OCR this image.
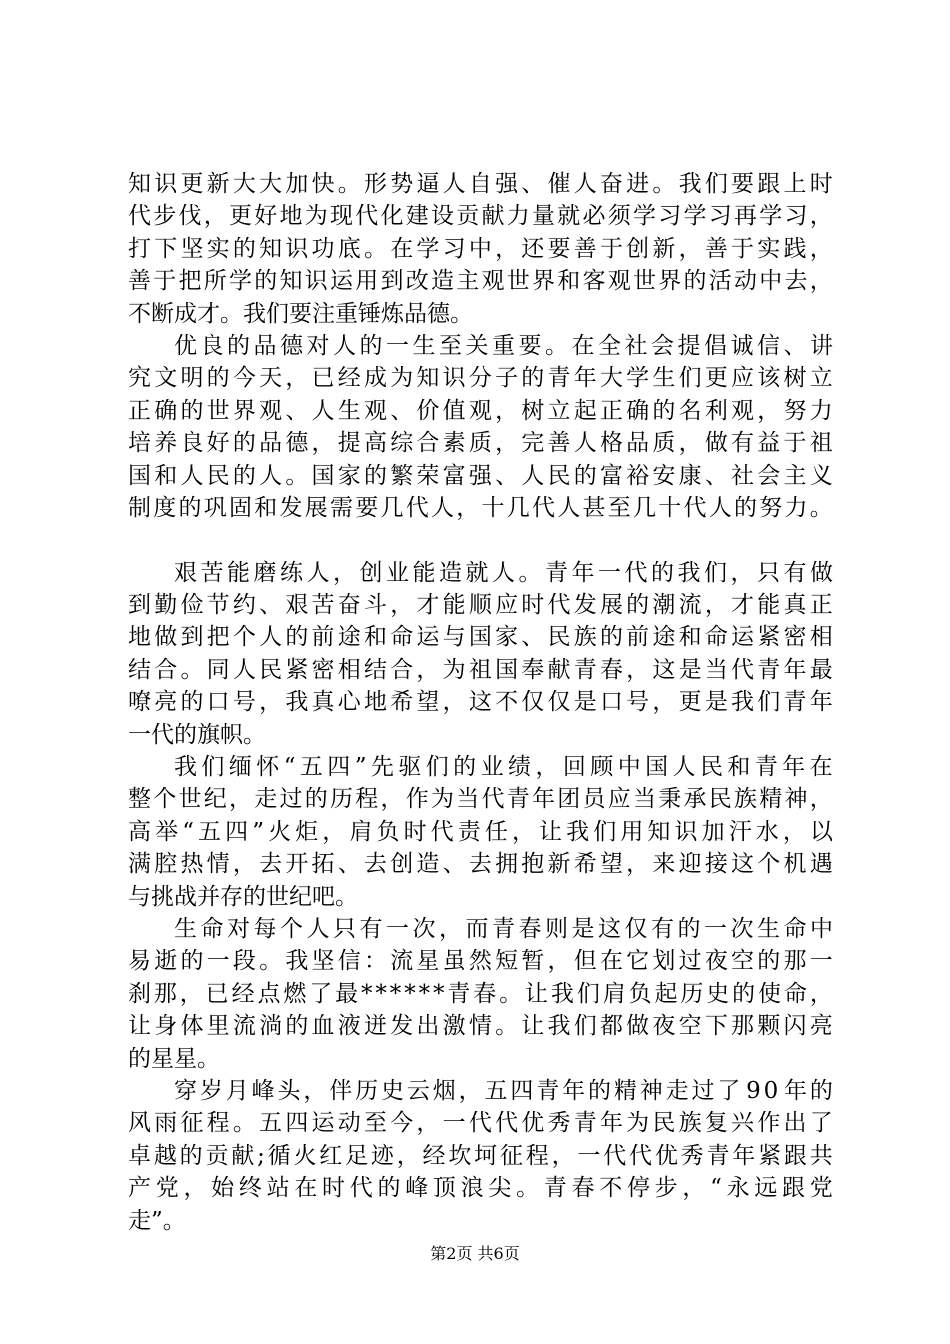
知 识 更 新 大 大 加 快 。 形 势 逼 人 自 强 、 催 人 奋 进 。 我 们 要 跟 上 时
代 步 伐 ， 更 好 地 为 现 代 化 建 设 贡 献 力 量 就 必 须 学 习 学 习 再 学 习 ，
打 下 坚 实 的 知 识 功 底 。 在 学 习 中 ， 还 要 善 于 创 新 ， 善 于 实 践 ，
善 于 把 所 学 的 知 识 运 用 到 改 造 主 观 世 界 和 客 观 世 界 的 活 动 中 去 ，
不断成才。我们要注重锤炼品德。
优 良 的 品 德 对 人 的 一 生 至 关 重 要 。 在 全 社 会 提 倡 诚 信 、 讲
究 文 明 的 今 天 ， 已 经 成 为 知 识 分 子 的 青 年 大 学 生 们 更 应 该 树 立
正 确 的 世 界 观 、 人 生 观 、 价 值 观 ， 树 立 起 正 确 的 名 利 观 ， 努 力
培 养 良 好 的 品 德 ， 提 高 综 合 素 质 ， 完 善 人 格 品 质 ， 做 有 益 于 祖
国 和 人 民 的 人 。 国 家 的 繁 荣 富 强 、 人 民 的 富 裕 安 康 、 社 会 主 义
制 度 的 巩 固 和 发 展 需 要 几 代 人 ， 十 几 代 人 甚 至 几 十 代 人 的 努 力 。
艰 苦 能 磨 练 人 ， 创 业 能 造 就 人 。 青 年 一 代 的 我 们 ， 只 有 做
到 勤 俭 节 约 、 艰 苦 奋 斗 ， 才 能 顺 应 时 代 发 展 的 潮 流 ， 才 能 真 正
地 做 到 把 个 人 的 前 途 和 命 运 与 国 家 、 民 族 的 前 途 和 命 运 紧 密 相
结 合 。 同 人 民 紧 密 相 结 合 ， 为 祖 国 奉 献 青 春 ， 这 是 当 代 青 年 最
嘹 亮 的 口 号 ， 我 真 心 地 希 望 ， 这 不 仅 仅 是 口 号 ， 更 是 我 们 青 年
一代的旗帜。
我 们 缅 怀 “ 五 四 ” 先 驱 们 的 业 绩 ， 回 顾 中 国 人 民 和 青 年 在
整 个 世 纪 ， 走 过 的 历 程 ， 作 为 当 代 青 年 团 员 应 当 秉 承 民 族 精 神 ，
高 举 “ 五 四 ” 火 炬 ， 肩 负 时 代 责 任 ， 让 我 们 用 知 识 加 汗 水 ， 以
满 腔 热 情 ， 去 开 拓 、 去 创 造 、 去 拥 抱 新 希 望 ， 来 迎 接 这 个 机 遇
与挑战并存的世纪吧。
生 命 对 每 个 人 只 有 一 次 ， 而 青 春 则 是 这 仅 有 的 一 次 生 命 中
易 逝 的 一 段 。 我 坚 信 ： 流 星 虽 然 短 暂 ， 但 在 它 划 过 夜 空 的 那 一
刹 那 ， 已 经 点 燃 了 最 * * * * * * 青 春 。 让 我 们 肩 负 起 历 史 的 使 命 ，
让 身 体 里 流 淌 的 血 液 迸 发 出 激 情 。 让 我 们 都 做 夜 空 下 那 颗 闪 亮
的星星。
穿 岁 月 峰 头 ， 伴 历 史 云 烟 ， 五 四 青 年 的 精 神 走 过 了 9 0 年 的
风 雨 征 程 。 五 四 运 动 至 今 ， 一 代 代 优 秀 青 年 为 民 族 复 兴 作 出 了
卓 越 的 贡 献 ; 循 火 红 足 迹 ， 经 坎 坷 征 程 ， 一 代 代 优 秀 青 年 紧 跟 共
产 党 ， 始 终 站 在 时 代 的 峰 顶 浪 尖 。 青 春 不 停 步 ， “ 永 远 跟 党
走”。
第2页 共6页
